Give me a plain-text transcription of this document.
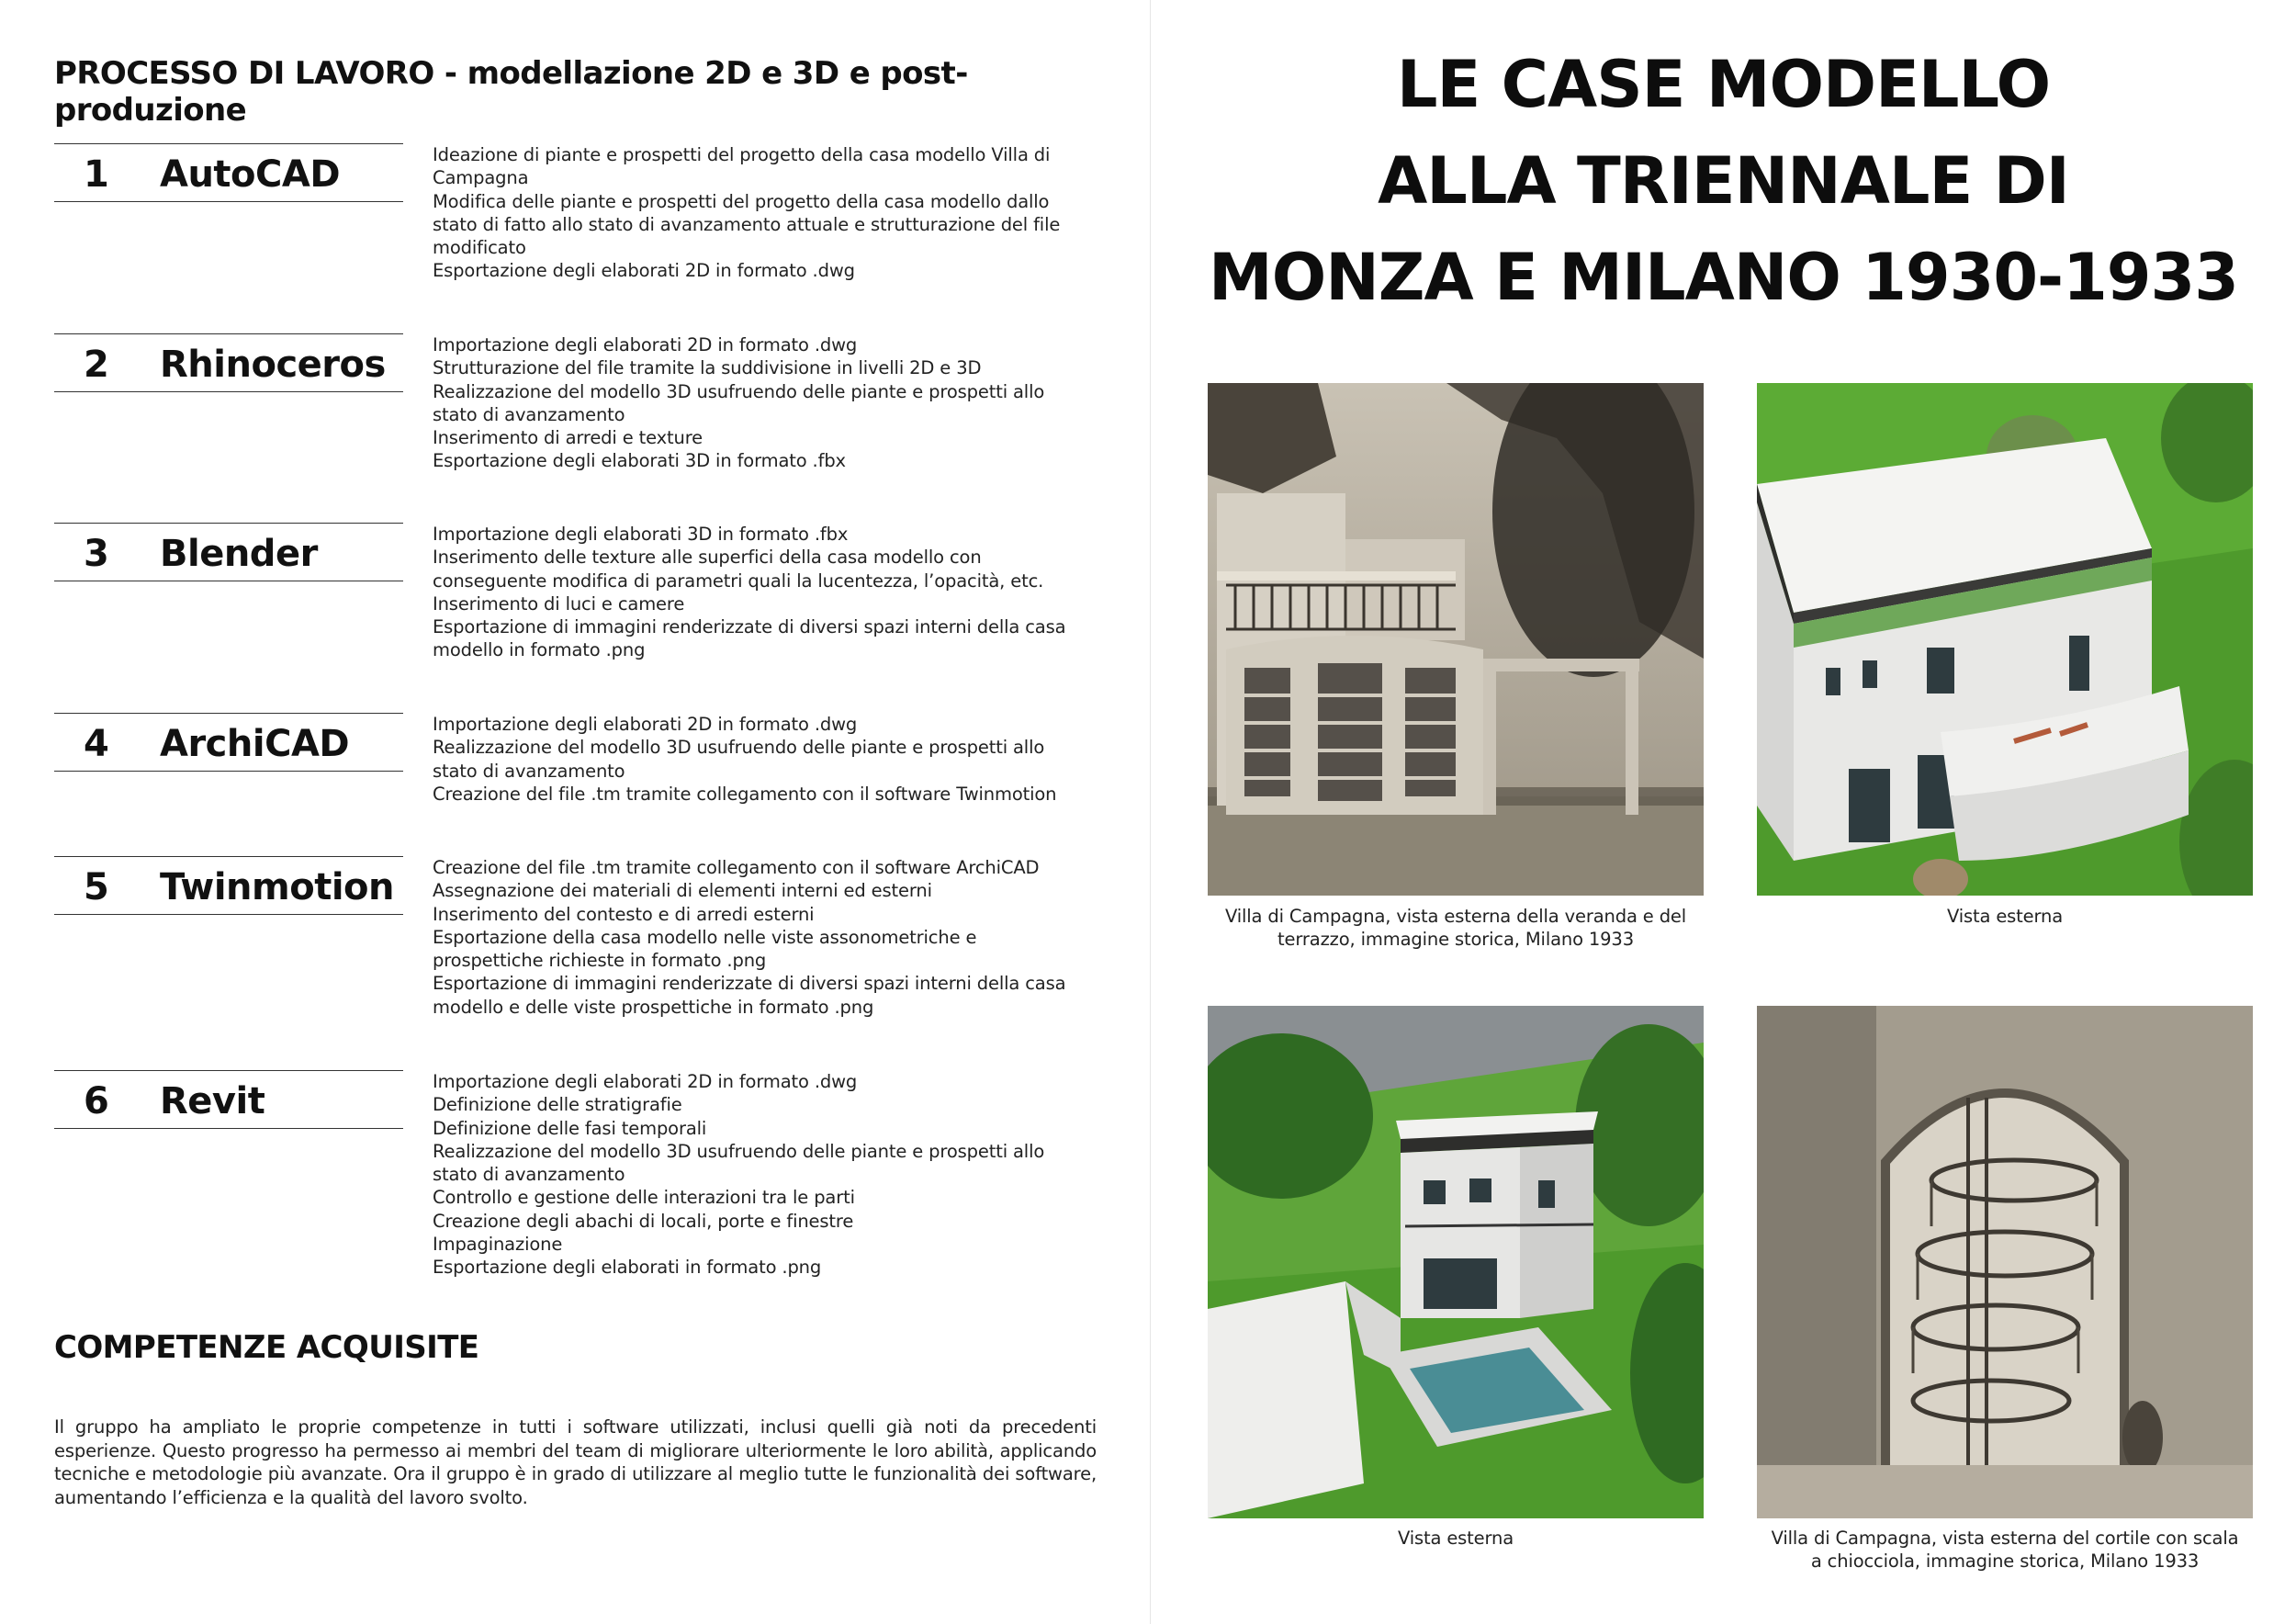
PROCESSO DI LAVORO - modellazione 2D e 3D e post-produzione
1 AutoCAD	Ideazione di piante e prospetti del progetto della casa modello Villa di
Campagna
Modifica delle piante e prospetti del progetto della casa modello dallo
stato di fatto allo stato di avanzamento attuale e strutturazione del file
modificato
Esportazione degli elaborati 2D in formato .dwg
2 Rhinoceros	Importazione degli elaborati 2D in formato .dwg
Strutturazione del file tramite la suddivisione in livelli 2D e 3D
Realizzazione del modello 3D usufruendo delle piante e prospetti allo
stato di avanzamento
Inserimento di arredi e texture
Esportazione degli elaborati 3D in formato .fbx
3 Blender	Importazione degli elaborati 3D in formato .fbx
Inserimento delle texture alle superfici della casa modello con
conseguente modifica di parametri quali la lucentezza, l’opacità, etc.
Inserimento di luci e camere
Esportazione di immagini renderizzate di diversi spazi interni della casa
modello in formato .png
4 ArchiCAD	Importazione degli elaborati 2D in formato .dwg
Realizzazione del modello 3D usufruendo delle piante e prospetti allo
stato di avanzamento
Creazione del file .tm tramite collegamento con il software Twinmotion
5 Twinmotion Creazione del file .tm tramite collegamento con il software ArchiCAD
Assegnazione dei materiali di elementi interni ed esterni
Inserimento del contesto e di arredi esterni
Esportazione della casa modello nelle viste assonometriche e
prospettiche richieste in formato .png
Esportazione di immagini renderizzate di diversi spazi interni della casa
modello e delle viste prospettiche in formato .png
6 Revit	Importazione degli elaborati 2D in formato .dwg
Definizione delle stratigrafie
Definizione delle fasi temporali
Realizzazione del modello 3D usufruendo delle piante e prospetti allo
stato di avanzamento
Controllo e gestione delle interazioni tra le parti
Creazione degli abachi di locali, porte e finestre
Impaginazione
Esportazione degli elaborati in formato .png
COMPETENZE ACQUISITE

Il gruppo ha ampliato le proprie competenze in tutti i software utilizzati, inclusi quelli già noti da precedenti esperienze. Questo progresso ha permesso ai membri del team di migliorare ulteriormente le loro abilità, applicando tecniche e metodologie più avanzate. Ora il gruppo è in grado di utilizzare al meglio tutte le funzionalità dei software, aumentando l’efficienza e la qualità del lavoro svolto.

LE CASE MODELLO
ALLA TRIENNALE DI
MONZA E MILANO 1930-1933
Villa di Campagna, vista esterna della veranda e del
terrazzo, immagine storica, Milano 1933
Vista esterna
Vista esterna	Villa di Campagna, vista esterna del cortile con scala
a chiocciola, immagine storica, Milano 1933
